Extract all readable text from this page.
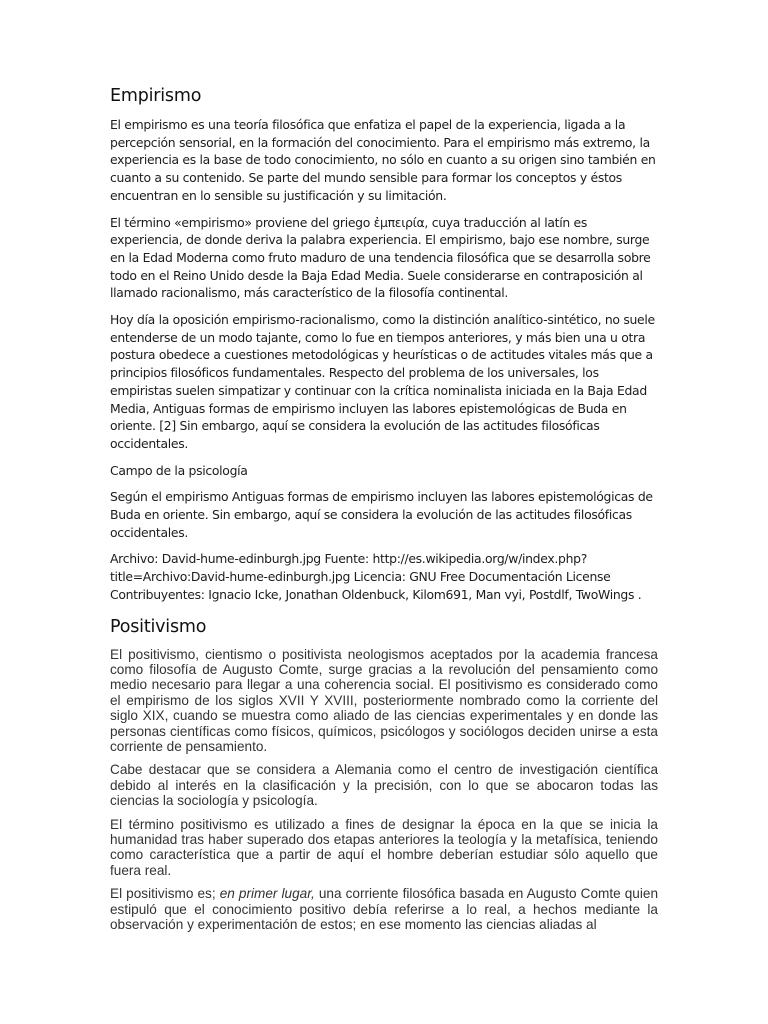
Empirismo

El empirismo es una teoría filosófica que enfatiza el papel de la experiencia, ligada a la percepción sensorial, en la formación del conocimiento. Para el empirismo más extremo, la experiencia es la base de todo conocimiento, no sólo en cuanto a su origen sino también en cuanto a su contenido. Se parte del mundo sensible para formar los conceptos y éstos encuentran en lo sensible su justificación y su limitación.

El término «empirismo» proviene del griego ἐμπειρία, cuya traducción al latín es experiencia, de donde deriva la palabra experiencia. El empirismo, bajo ese nombre, surge en la Edad Moderna como fruto maduro de una tendencia filosófica que se desarrolla sobre todo en el Reino Unido desde la Baja Edad Media. Suele considerarse en contraposición al llamado racionalismo, más característico de la filosofía continental.

Hoy día la oposición empirismo-racionalismo, como la distinción analítico-sintético, no suele entenderse de un modo tajante, como lo fue en tiempos anteriores, y más bien una u otra postura obedece a cuestiones metodológicas y heurísticas o de actitudes vitales más que a principios filosóficos fundamentales. Respecto del problema de los universales, los empiristas suelen simpatizar y continuar con la crítica nominalista iniciada en la Baja Edad Media, Antiguas formas de empirismo incluyen las labores epistemológicas de Buda en oriente. [2] Sin embargo, aquí se considera la evolución de las actitudes filosóficas occidentales.

Campo de la psicología

Según el empirismo Antiguas formas de empirismo incluyen las labores epistemológicas de Buda en oriente. Sin embargo, aquí se considera la evolución de las actitudes filosóficas occidentales.

Archivo: David-hume-edinburgh.jpg Fuente: http://es.wikipedia.org/w/index.php?
title=Archivo:David-hume-edinburgh.jpg Licencia: GNU Free Documentación License
Contribuyentes: Ignacio Icke, Jonathan Oldenbuck, Kilom691, Man vyi, Postdlf, TwoWings .

Positivismo

El positivismo, cientismo o positivista neologismos aceptados por la academia francesa como filosofía de Augusto Comte, surge gracias a la revolución del pensamiento como medio necesario para llegar a una coherencia social. El positivismo es considerado como el empirismo de los siglos XVII Y XVIII, posteriormente nombrado como la corriente del siglo XIX, cuando se muestra como aliado de las ciencias experimentales y en donde las personas científicas como físicos, químicos, psicólogos y sociólogos deciden unirse a esta corriente de pensamiento.

Cabe destacar que se considera a Alemania como el centro de investigación científica debido al interés en la clasificación y la precisión, con lo que se abocaron todas las ciencias la sociología y psicología.

El término positivismo es utilizado a fines de designar la época en la que se inicia la humanidad tras haber superado dos etapas anteriores la teología y la metafísica, teniendo como característica que a partir de aquí el hombre deberían estudiar sólo aquello que fuera real.

El positivismo es; en primer lugar, una corriente filosófica basada en Augusto Comte quien estipuló que el conocimiento positivo debía referirse a lo real, a hechos mediante la observación y experimentación de estos; en ese momento las ciencias aliadas al
